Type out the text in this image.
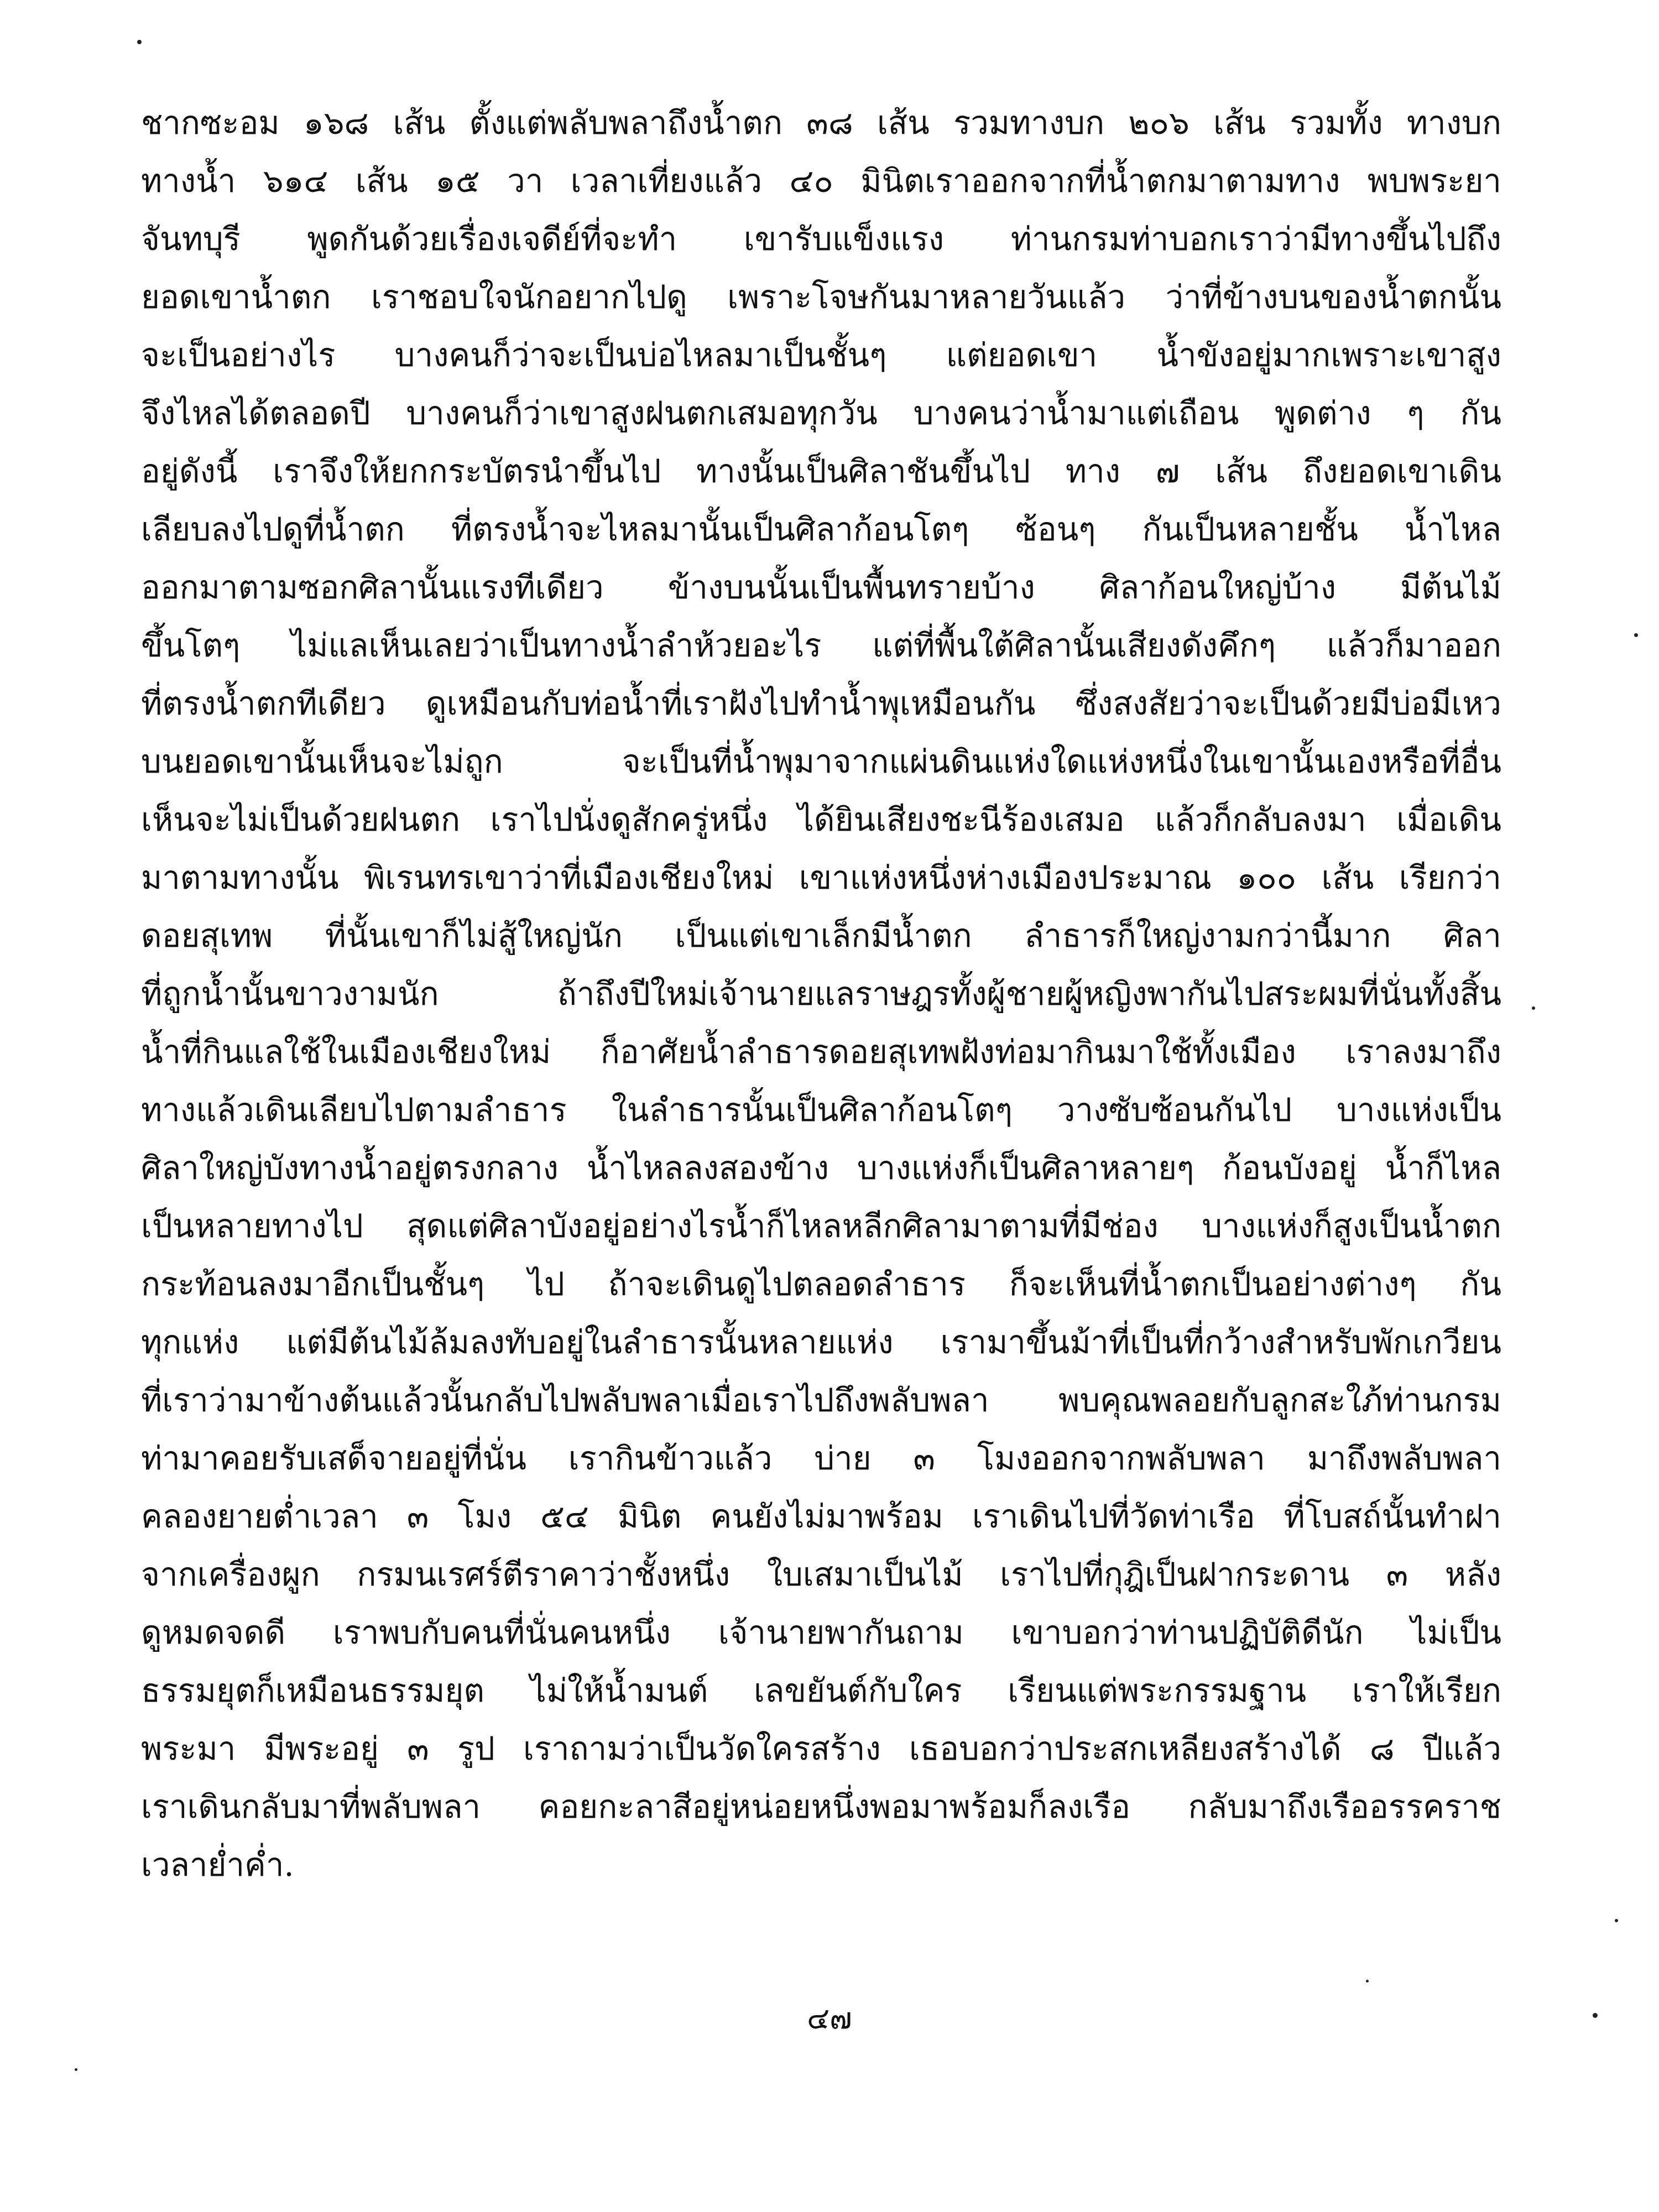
ชากซะอม ๑๖๘ เส้น ตั้งแต่พลับพลาถึงน้ำตก ๓๘ เส้น รวมทางบก ๒๐๖ เส้น รวมทั้ง ทางบก
ทางน้ำ ๖๑๔ เส้น ๑๕ วา เวลาเที่ยงแล้ว ๔๐ มินิตเราออกจากที่น้ำตกมาตามทาง พบพระยา
จันทบุรี พูดกันด้วยเรื่องเจดีย์ที่จะทำ เขารับแข็งแรง ท่านกรมท่าบอกเราว่ามีทางขึ้นไปถึง
ยอดเขาน้ำตก เราชอบใจนักอยากไปดู เพราะโจษกันมาหลายวันแล้ว ว่าที่ข้างบนของน้ำตกนั้น
จะเป็นอย่างไร บางคนก็ว่าจะเป็นบ่อไหลมาเป็นชั้นๆ แต่ยอดเขา น้ำขังอยู่มากเพราะเขาสูง
จึงไหลได้ตลอดปี บางคนก็ว่าเขาสูงฝนตกเสมอทุกวัน บางคนว่าน้ำมาแต่เถือน พูดต่าง ๆ กัน
อยู่ดังนี้ เราจึงให้ยกกระบัตรนำขึ้นไป ทางนั้นเป็นศิลาชันขึ้นไป ทาง ๗ เส้น ถึงยอดเขาเดิน
เลียบลงไปดูที่น้ำตก ที่ตรงน้ำจะไหลมานั้นเป็นศิลาก้อนโตๆ ซ้อนๆ กันเป็นหลายชั้น น้ำไหล
ออกมาตามซอกศิลานั้นแรงทีเดียว ข้างบนนั้นเป็นพื้นทรายบ้าง ศิลาก้อนใหญ่บ้าง มีต้นไม้
ขึ้นโตๆ ไม่แลเห็นเลยว่าเป็นทางน้ำลำห้วยอะไร แต่ที่พื้นใต้ศิลานั้นเสียงดังคึกๆ แล้วก็มาออก
ที่ตรงน้ำตกทีเดียว ดูเหมือนกับท่อน้ำที่เราฝังไปทำน้ำพุเหมือนกัน ซึ่งสงสัยว่าจะเป็นด้วยมีบ่อมีเหว
บนยอดเขานั้นเห็นจะไม่ถูก จะเป็นที่น้ำพุมาจากแผ่นดินแห่งใดแห่งหนึ่งในเขานั้นเองหรือที่อื่น
เห็นจะไม่เป็นด้วยฝนตก เราไปนั่งดูสักครู่หนึ่ง ได้ยินเสียงชะนีร้องเสมอ แล้วก็กลับลงมา เมื่อเดิน
มาตามทางนั้น พิเรนทรเขาว่าที่เมืองเชียงใหม่ เขาแห่งหนึ่งห่างเมืองประมาณ ๑๐๐ เส้น เรียกว่า
ดอยสุเทพ ที่นั้นเขาก็ไม่สู้ใหญ่นัก เป็นแต่เขาเล็กมีน้ำตก ลำธารก็ใหญ่งามกว่านี้มาก ศิลา
ที่ถูกน้ำนั้นขาวงามนัก ถ้าถึงปีใหม่เจ้านายแลราษฎรทั้งผู้ชายผู้หญิงพากันไปสระผมที่นั่นทั้งสิ้น
น้ำที่กินแลใช้ในเมืองเชียงใหม่ ก็อาศัยน้ำลำธารดอยสุเทพฝังท่อมากินมาใช้ทั้งเมือง เราลงมาถึง
ทางแล้วเดินเลียบไปตามลำธาร ในลำธารนั้นเป็นศิลาก้อนโตๆ วางซับซ้อนกันไป บางแห่งเป็น
ศิลาใหญ่บังทางน้ำอยู่ตรงกลาง น้ำไหลลงสองข้าง บางแห่งก็เป็นศิลาหลายๆ ก้อนบังอยู่ น้ำก็ไหล
เป็นหลายทางไป สุดแต่ศิลาบังอยู่อย่างไรน้ำก็ไหลหลีกศิลามาตามที่มีช่อง บางแห่งก็สูงเป็นน้ำตก
กระท้อนลงมาอีกเป็นชั้นๆ ไป ถ้าจะเดินดูไปตลอดลำธาร ก็จะเห็นที่น้ำตกเป็นอย่างต่างๆ กัน
ทุกแห่ง แต่มีต้นไม้ล้มลงทับอยู่ในลำธารนั้นหลายแห่ง เรามาขึ้นม้าที่เป็นที่กว้างสำหรับพักเกวียน
ที่เราว่ามาข้างต้นแล้วนั้นกลับไปพลับพลาเมื่อเราไปถึงพลับพลา พบคุณพลอยกับลูกสะใภ้ท่านกรม
ท่ามาคอยรับเสด็จายอยู่ที่นั่น เรากินข้าวแล้ว บ่าย ๓ โมงออกจากพลับพลา มาถึงพลับพลา
คลองยายต่ำเวลา ๓ โมง ๕๔ มินิต คนยังไม่มาพร้อม เราเดินไปที่วัดท่าเรือ ที่โบสถ์นั้นทำฝา
จากเครื่องผูก กรมนเรศร์ตีราคาว่าชั้งหนึ่ง ใบเสมาเป็นไม้ เราไปที่กุฎิเป็นฝากระดาน ๓ หลัง
ดูหมดจดดี เราพบกับคนที่นั่นคนหนึ่ง เจ้านายพากันถาม เขาบอกว่าท่านปฏิบัติดีนัก ไม่เป็น
ธรรมยุตก็เหมือนธรรมยุต ไม่ให้น้ำมนต์ เลขยันต์กับใคร เรียนแต่พระกรรมฐาน เราให้เรียก
พระมา มีพระอยู่ ๓ รูป เราถามว่าเป็นวัดใครสร้าง เธอบอกว่าประสกเหลียงสร้างได้ ๘ ปีแล้ว
เราเดินกลับมาที่พลับพลา คอยกะลาสีอยู่หน่อยหนึ่งพอมาพร้อมก็ลงเรือ กลับมาถึงเรืออรรคราช
เวลาย่ำค่ำ.
๔๗
